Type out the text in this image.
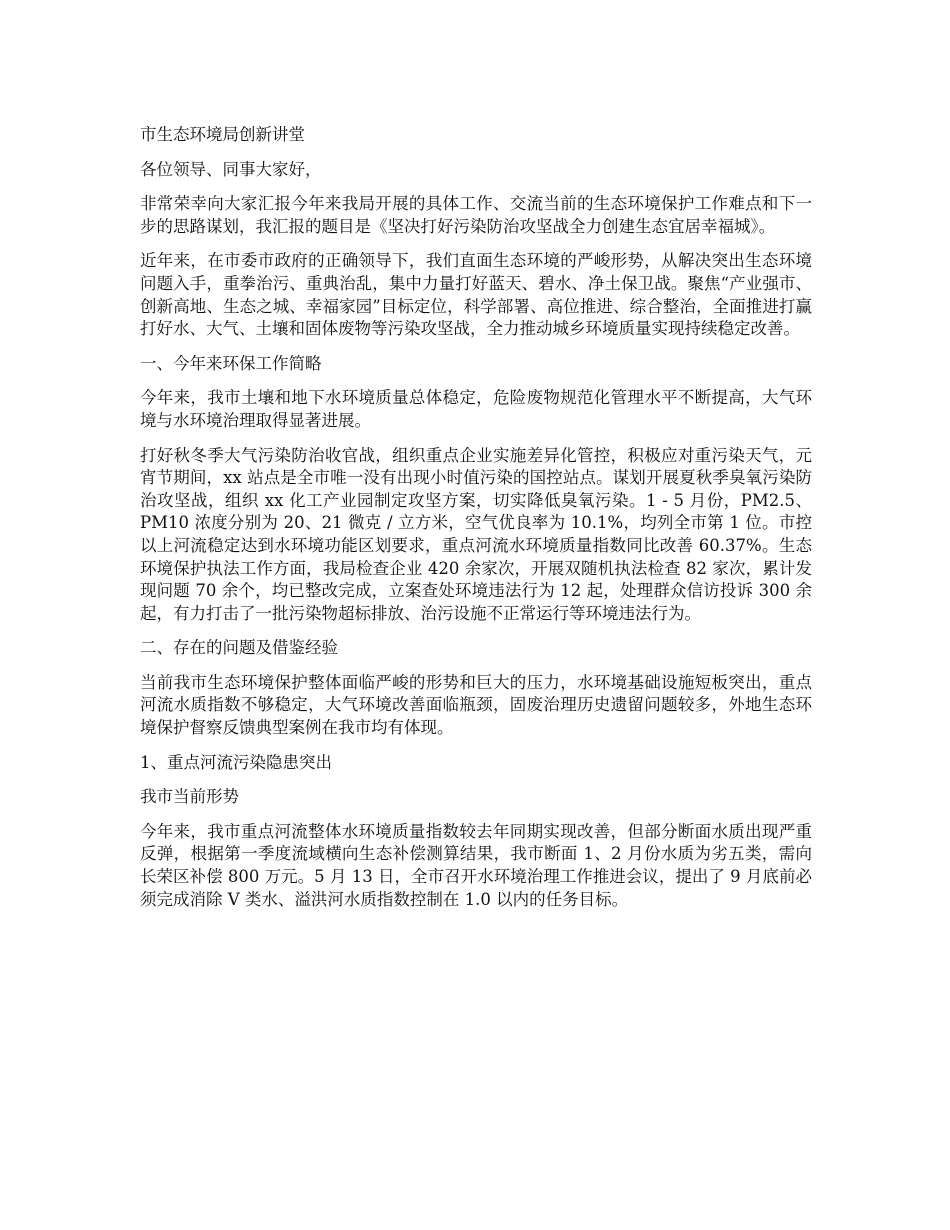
市生态环境局创新讲堂

各位领导、同事大家好，

非常荣幸向大家汇报今年来我局开展的具体工作、交流当前的生态环境保护工作难点和下一步的思路谋划，我汇报的题目是《坚决打好污染防治攻坚战全力创建生态宜居幸福城》。

近年来，在市委市政府的正确领导下，我们直面生态环境的严峻形势，从解决突出生态环境问题入手，重拳治污、重典治乱，集中力量打好蓝天、碧水、净土保卫战。聚焦“产业强市、创新高地、生态之城、幸福家园”目标定位，科学部署、高位推进、综合整治，全面推进打赢打好水、大气、土壤和固体废物等污染攻坚战，全力推动城乡环境质量实现持续稳定改善。

一、今年来环保工作简略

今年来，我市土壤和地下水环境质量总体稳定，危险废物规范化管理水平不断提高，大气环境与水环境治理取得显著进展。

打好秋冬季大气污染防治收官战，组织重点企业实施差异化管控，积极应对重污染天气，元宵节期间，xx 站点是全市唯一没有出现小时值污染的国控站点。谋划开展夏秋季臭氧污染防治攻坚战，组织 xx 化工产业园制定攻坚方案，切实降低臭氧污染。1 - 5 月份，PM2.5、PM10 浓度分别为 20、21 微克 / 立方米，空气优良率为 10.1%，均列全市第 1 位。市控以上河流稳定达到水环境功能区划要求，重点河流水环境质量指数同比改善 60.37%。生态环境保护执法工作方面，我局检查企业 420 余家次，开展双随机执法检查 82 家次，累计发现问题 70 余个，均已整改完成，立案查处环境违法行为 12 起，处理群众信访投诉 300 余起，有力打击了一批污染物超标排放、治污设施不正常运行等环境违法行为。

二、存在的问题及借鉴经验

当前我市生态环境保护整体面临严峻的形势和巨大的压力，水环境基础设施短板突出，重点河流水质指数不够稳定，大气环境改善面临瓶颈，固废治理历史遗留问题较多，外地生态环境保护督察反馈典型案例在我市均有体现。

1、重点河流污染隐患突出

我市当前形势

今年来，我市重点河流整体水环境质量指数较去年同期实现改善，但部分断面水质出现严重反弹，根据第一季度流域横向生态补偿测算结果，我市断面 1、2 月份水质为劣五类，需向长荣区补偿 800 万元。5 月 13 日，全市召开水环境治理工作推进会议，提出了 9 月底前必须完成消除 V 类水、溢洪河水质指数控制在 1.0 以内的任务目标。
